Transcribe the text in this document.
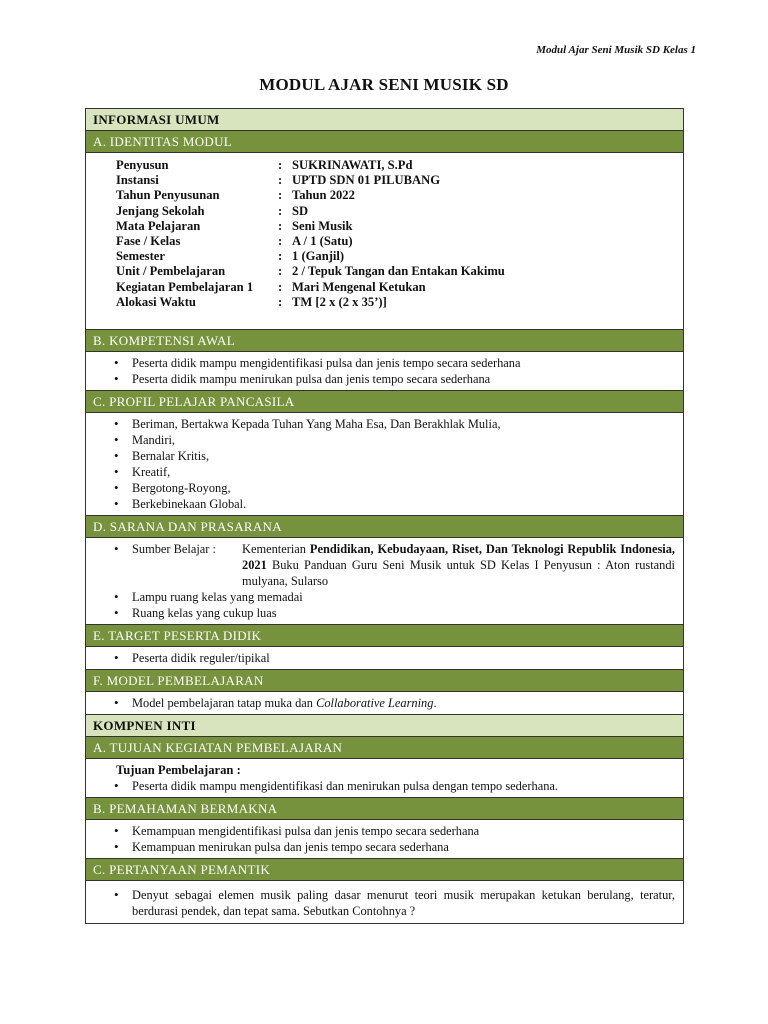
Modul Ajar Seni Musik SD Kelas 1
MODUL AJAR SENI MUSIK SD
INFORMASI UMUM
A. IDENTITAS MODUL
Penyusun	: SUKRINAWATI, S.Pd
Instansi	: UPTD SDN 01 PILUBANG
Tahun Penyusunan	: Tahun 2022
Jenjang Sekolah	: SD
Mata Pelajaran	: Seni Musik
Fase / Kelas	: A / 1 (Satu)
Semester	: 1 (Ganjil)
Unit / Pembelajaran	: 2 / Tepuk Tangan dan Entakan Kakimu
Kegiatan Pembelajaran 1	: Mari Mengenal Ketukan
Alokasi Waktu	: TM [2 x (2 x 35’)]
B. KOMPETENSI AWAL
• Peserta didik mampu mengidentifikasi pulsa dan jenis tempo secara sederhana
• Peserta didik mampu menirukan pulsa dan jenis tempo secara sederhana
C. PROFIL PELAJAR PANCASILA
• Beriman, Bertakwa Kepada Tuhan Yang Maha Esa, Dan Berakhlak Mulia,
• Mandiri,
• Bernalar Kritis,
• Kreatif,
• Bergotong-Royong,
• Berkebinekaan Global.
D. SARANA DAN PRASARANA
• Sumber Belajar :	Kementerian Pendidikan, Kebudayaan, Riset, Dan Teknologi Republik Indonesia, 2021 Buku Panduan Guru Seni Musik untuk SD Kelas I Penyusun : Aton rustandi mulyana, Sularso
• Lampu ruang kelas yang memadai
• Ruang kelas yang cukup luas
E. TARGET PESERTA DIDIK
• Peserta didik reguler/tipikal
F. MODEL PEMBELAJARAN
• Model pembelajaran tatap muka dan Collaborative Learning.
KOMPNEN INTI
A. TUJUAN KEGIATAN PEMBELAJARAN
Tujuan Pembelajaran :
• Peserta didik mampu mengidentifikasi dan menirukan pulsa dengan tempo sederhana.
B. PEMAHAMAN BERMAKNA
• Kemampuan mengidentifikasi pulsa dan jenis tempo secara sederhana
• Kemampuan menirukan pulsa dan jenis tempo secara sederhana
C. PERTANYAAN PEMANTIK
• Denyut sebagai elemen musik paling dasar menurut teori musik merupakan ketukan berulang, teratur, berdurasi pendek, dan tepat sama. Sebutkan Contohnya ?
